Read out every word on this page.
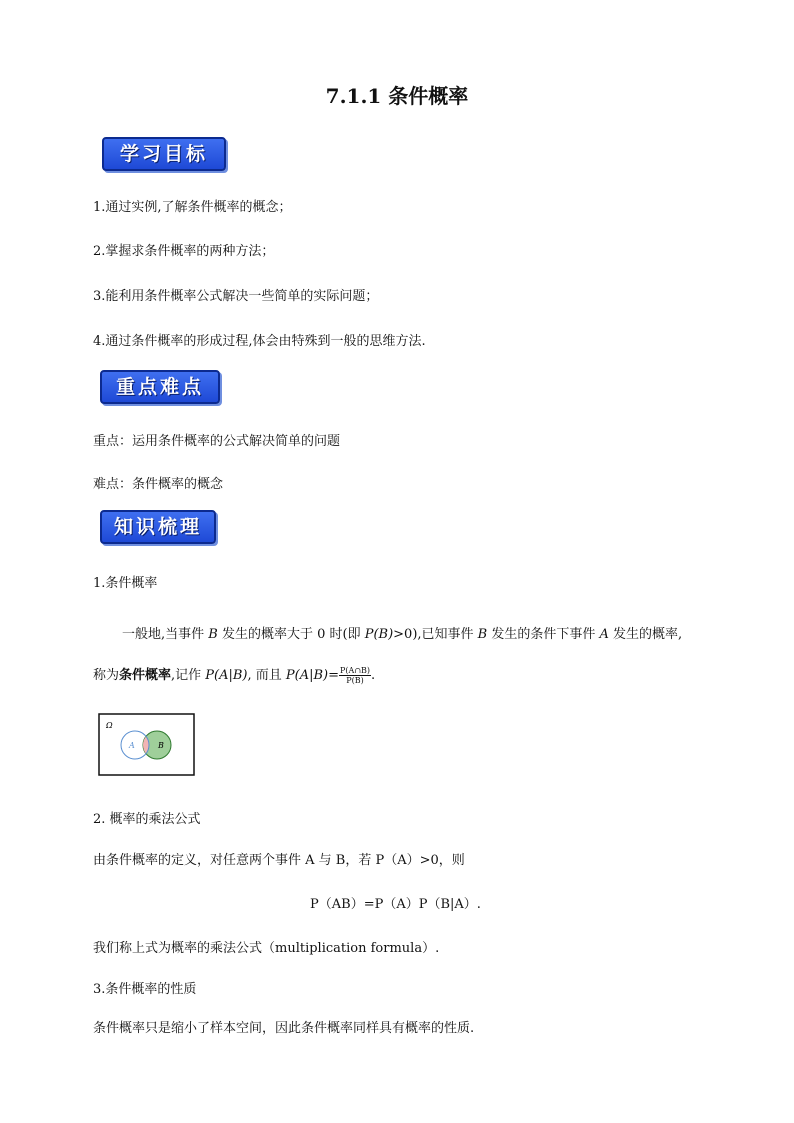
7.1.1 条件概率
学习目标
1.通过实例,了解条件概率的概念；
2.掌握求条件概率的两种方法；
3.能利用条件概率公式解决一些简单的实际问题；
4.通过条件概率的形成过程,体会由特殊到一般的思维方法.
重点难点
重点：运用条件概率的公式解决简单的问题
难点：条件概率的概念
知识梳理
1.条件概率
一般地,当事件 B 发生的概率大于 0 时(即 P(B)>0),已知事件 B 发生的条件下事件 A 发生的概率,
称为条件概率,记作 P(A|B), 而且 $P(A|B)= \frac{P(A\cap B)}{P(B)}$ .
Ω
A	B
2. 概率的乘法公式
由条件概率的定义，对任意两个事件 A 与 B，若 P（A）>0，则
P（AB）=P（A）P（B|A）.
我们称上式为概率的乘法公式（multiplication formula）.
3.条件概率的性质
条件概率只是缩小了样本空间，因此条件概率同样具有概率的性质.
